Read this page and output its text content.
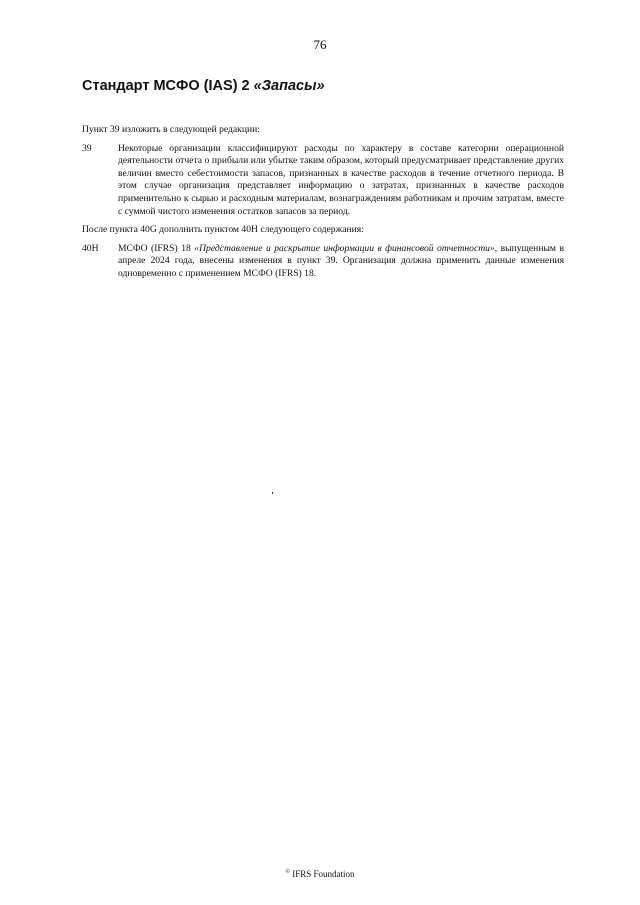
76
Стандарт МСФО (IAS) 2 «Запасы»

Пункт 39 изложить в следующей редакции:

39	Некоторые организации классифицируют расходы по характеру в составе категории операционной деятельности отчета о прибыли или убытке таким образом, который предусматривает представление других величин вместо себестоимости запасов, признанных в качестве расходов в течение отчетного периода. В этом случае организация представляет информацию о затратах, признанных в качестве расходов применительно к сырью и расходным материалам, вознаграждениям работникам и прочим затратам, вместе с суммой чистого изменения остатков запасов за период.

После пункта 40G дополнить пунктом 40H следующего содержания:

40H	МСФО (IFRS) 18 «Представление и раскрытие информации в финансовой отчетности», выпущенным в апреле 2024 года, внесены изменения в пункт 39. Организация должна применить данные изменения одновременно с применением МСФО (IFRS) 18.
© IFRS Foundation
